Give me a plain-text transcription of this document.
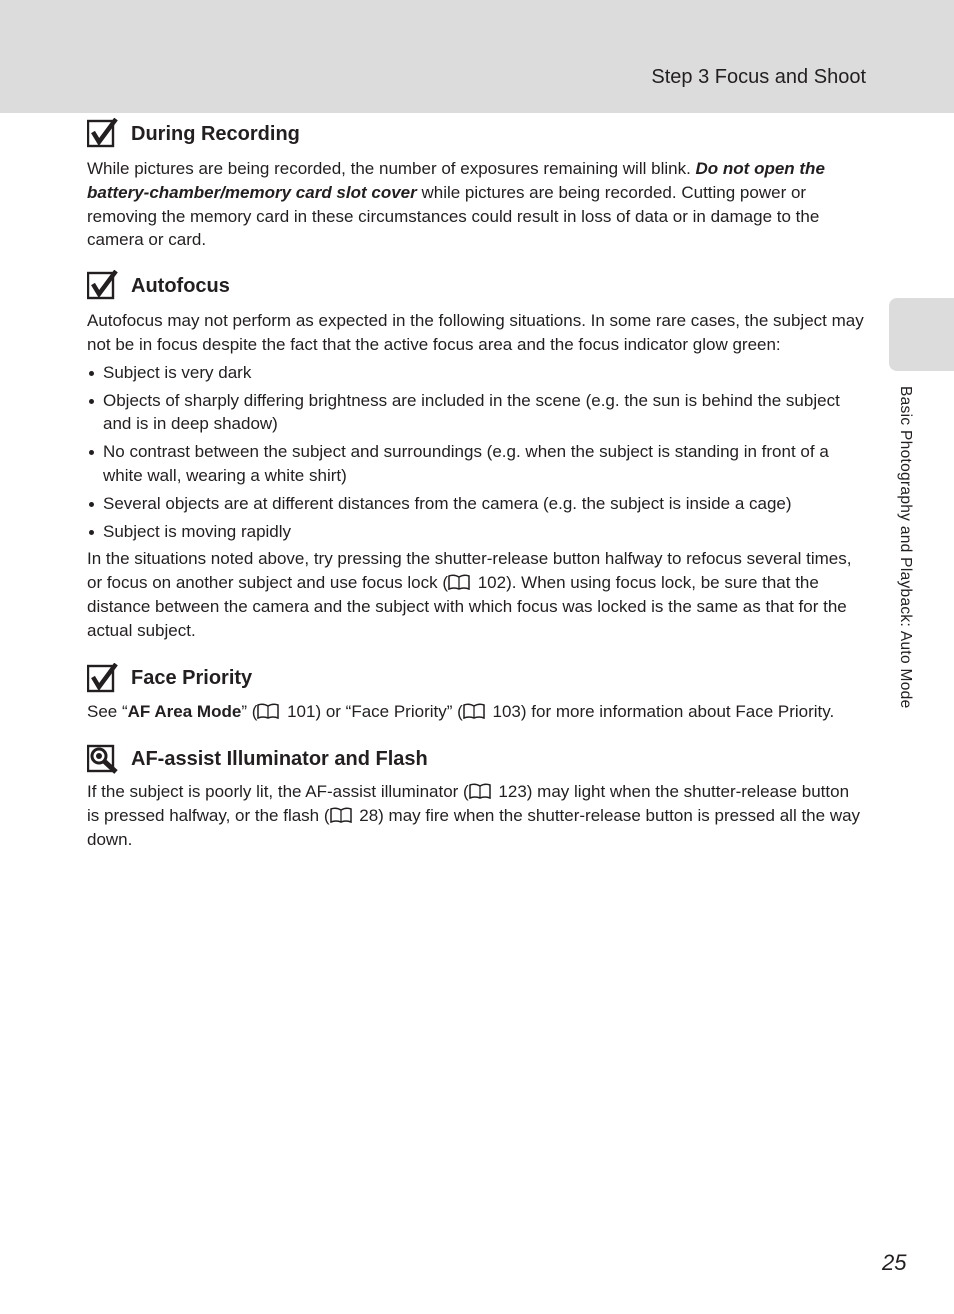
Step 3 Focus and Shoot
Basic Photography and Playback: Auto Mode
During Recording

While pictures are being recorded, the number of exposures remaining will blink. Do not open the battery-chamber/memory card slot cover while pictures are being recorded. Cutting power or removing the memory card in these circumstances could result in loss of data or in damage to the camera or card.

Autofocus

Autofocus may not perform as expected in the following situations. In some rare cases, the subject may not be in focus despite the fact that the active focus area and the focus indicator glow green:

Subject is very dark
Objects of sharply differing brightness are included in the scene (e.g. the sun is behind the subject and is in deep shadow)
No contrast between the subject and surroundings (e.g. when the subject is standing in front of a white wall, wearing a white shirt)
Several objects are at different distances from the camera (e.g. the subject is inside a cage)
Subject is moving rapidly

In the situations noted above, try pressing the shutter-release button halfway to refocus several times, or focus on another subject and use focus lock ( 102). When using focus lock, be sure that the distance between the camera and the subject with which focus was locked is the same as that for the actual subject.

Face Priority

See “AF Area Mode” ( 101) or “Face Priority” ( 103) for more information about Face Priority.

AF-assist Illuminator and Flash

If the subject is poorly lit, the AF-assist illuminator ( 123) may light when the shutter-release button is pressed halfway, or the flash ( 28) may fire when the shutter-release button is pressed all the way down.

25
